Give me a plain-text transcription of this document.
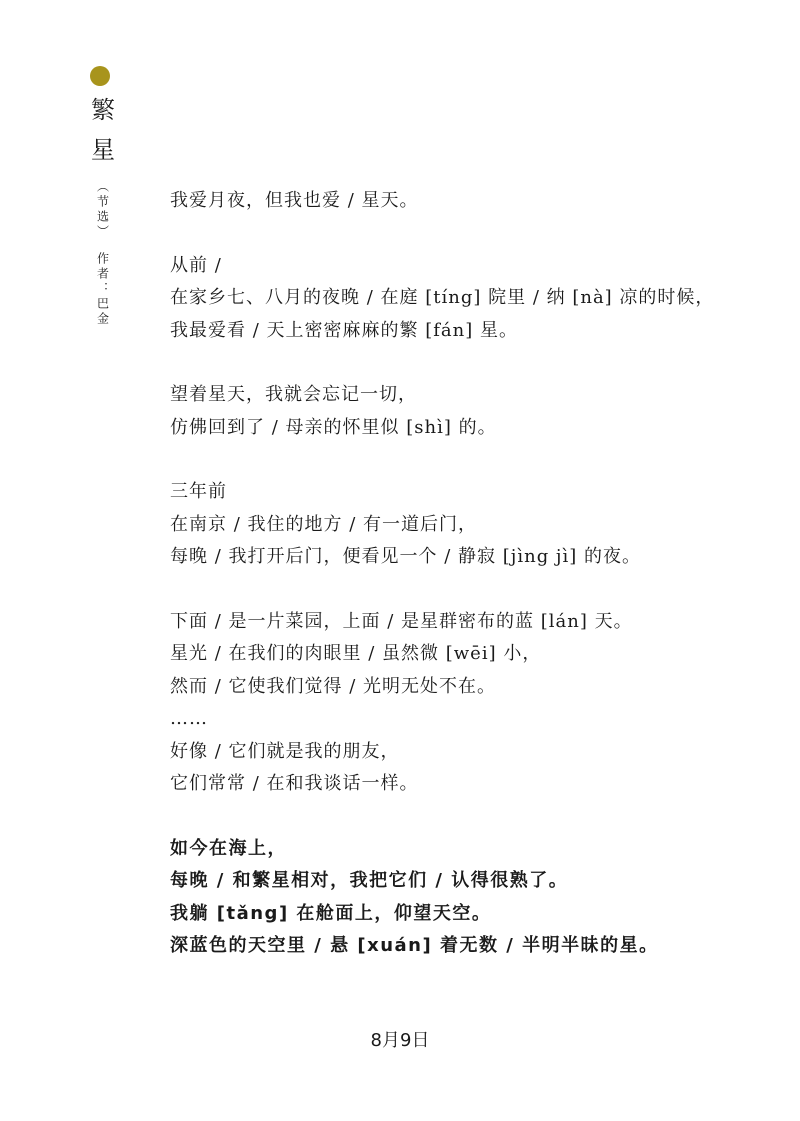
繁
星
（节选）
作者：巴金
我爱月夜，但我也爱 / 星天。
从前 /
在家乡七、八月的夜晚 / 在庭 [tíng] 院里 / 纳 [nà] 凉的时候，
我最爱看 / 天上密密麻麻的繁 [fán] 星。
望着星天，我就会忘记一切，
仿佛回到了 / 母亲的怀里似 [shì] 的。
三年前
在南京 / 我住的地方 / 有一道后门，
每晚 / 我打开后门，便看见一个 / 静寂 [jìng jì] 的夜。
下面 / 是一片菜园，上面 / 是星群密布的蓝 [lán] 天。
星光 / 在我们的肉眼里 / 虽然微 [wēi] 小，
然而 / 它使我们觉得 / 光明无处不在。
……
好像 / 它们就是我的朋友，
它们常常 / 在和我谈话一样。
如今在海上，
每晚 / 和繁星相对，我把它们 / 认得很熟了。
我躺 [tǎng] 在舱面上，仰望天空。
深蓝色的天空里 / 悬 [xuán] 着无数 / 半明半昧的星。
8月9日
